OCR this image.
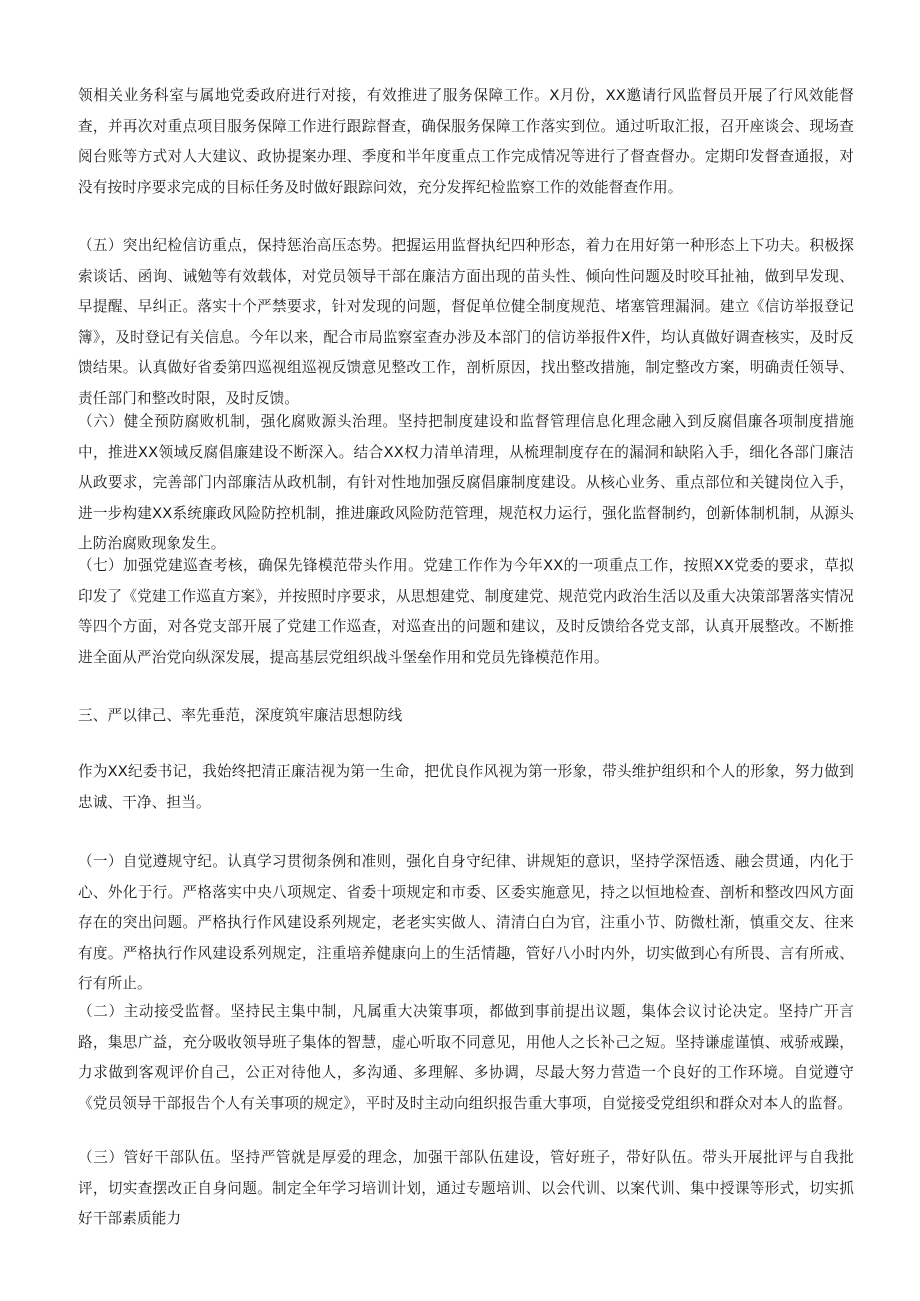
领相关业务科室与属地党委政府进行对接，有效推进了服务保障工作。X月份，XX邀请行风监督员开展了行风效能督查，并再次对重点项目服务保障工作进行跟踪督查，确保服务保障工作落实到位。通过听取汇报，召开座谈会、现场查阅台账等方式对人大建议、政协提案办理、季度和半年度重点工作完成情况等进行了督查督办。定期印发督查通报，对没有按时序要求完成的目标任务及时做好跟踪问效，充分发挥纪检监察工作的效能督查作用。

（五）突出纪检信访重点，保持惩治高压态势。把握运用监督执纪四种形态，着力在用好第一种形态上下功夫。积极探索谈话、函询、诫勉等有效载体，对党员领导干部在廉洁方面出现的苗头性、倾向性问题及时咬耳扯袖，做到早发现、早提醒、早纠正。落实十个严禁要求，针对发现的问题，督促单位健全制度规范、堵塞管理漏洞。建立《信访举报登记簿》，及时登记有关信息。今年以来，配合市局监察室查办涉及本部门的信访举报件X件，均认真做好调查核实，及时反馈结果。认真做好省委第四巡视组巡视反馈意见整改工作，剖析原因，找出整改措施，制定整改方案，明确责任领导、责任部门和整改时限，及时反馈。

（六）健全预防腐败机制，强化腐败源头治理。坚持把制度建设和监督管理信息化理念融入到反腐倡廉各项制度措施中，推进XX领域反腐倡廉建设不断深入。结合XX权力清单清理，从梳理制度存在的漏洞和缺陷入手，细化各部门廉洁从政要求，完善部门内部廉洁从政机制，有针对性地加强反腐倡廉制度建设。从核心业务、重点部位和关键岗位入手，进一步构建XX系统廉政风险防控机制，推进廉政风险防范管理，规范权力运行，强化监督制约，创新体制机制，从源头上防治腐败现象发生。

（七）加强党建巡查考核，确保先锋模范带头作用。党建工作作为今年XX的一项重点工作，按照XX党委的要求，草拟印发了《党建工作巡直方案》，并按照时序要求，从思想建党、制度建党、规范党内政治生活以及重大决策部署落实情况等四个方面，对各党支部开展了党建工作巡查，对巡查出的问题和建议，及时反馈给各党支部，认真开展整改。不断推进全面从严治党向纵深发展，提高基层党组织战斗堡垒作用和党员先锋模范作用。

三、严以律己、率先垂范，深度筑牢廉洁思想防线

作为XX纪委书记，我始终把清正廉洁视为第一生命，把优良作风视为第一形象，带头维护组织和个人的形象，努力做到忠诚、干净、担当。

（一）自觉遵规守纪。认真学习贯彻条例和准则，强化自身守纪律、讲规矩的意识，坚持学深悟透、融会贯通，内化于心、外化于行。严格落实中央八项规定、省委十项规定和市委、区委实施意见，持之以恒地检查、剖析和整改四风方面存在的突出问题。严格执行作风建设系列规定，老老实实做人、清清白白为官，注重小节、防微杜渐，慎重交友、往来有度。严格执行作风建设系列规定，注重培养健康向上的生活情趣，管好八小时内外，切实做到心有所畏、言有所戒、行有所止。

（二）主动接受监督。坚持民主集中制，凡属重大决策事项，都做到事前提出议题，集体会议讨论决定。坚持广开言路，集思广益，充分吸收领导班子集体的智慧，虚心听取不同意见，用他人之长补己之短。坚持谦虚谨慎、戒骄戒躁，力求做到客观评价自己，公正对待他人，多沟通、多理解、多协调，尽最大努力营造一个良好的工作环境。自觉遵守《党员领导干部报告个人有关事项的规定》，平时及时主动向组织报告重大事项，自觉接受党组织和群众对本人的监督。

（三）管好干部队伍。坚持严管就是厚爱的理念，加强干部队伍建设，管好班子，带好队伍。带头开展批评与自我批评，切实查摆改正自身问题。制定全年学习培训计划，通过专题培训、以会代训、以案代训、集中授课等形式，切实抓好干部素质能力
